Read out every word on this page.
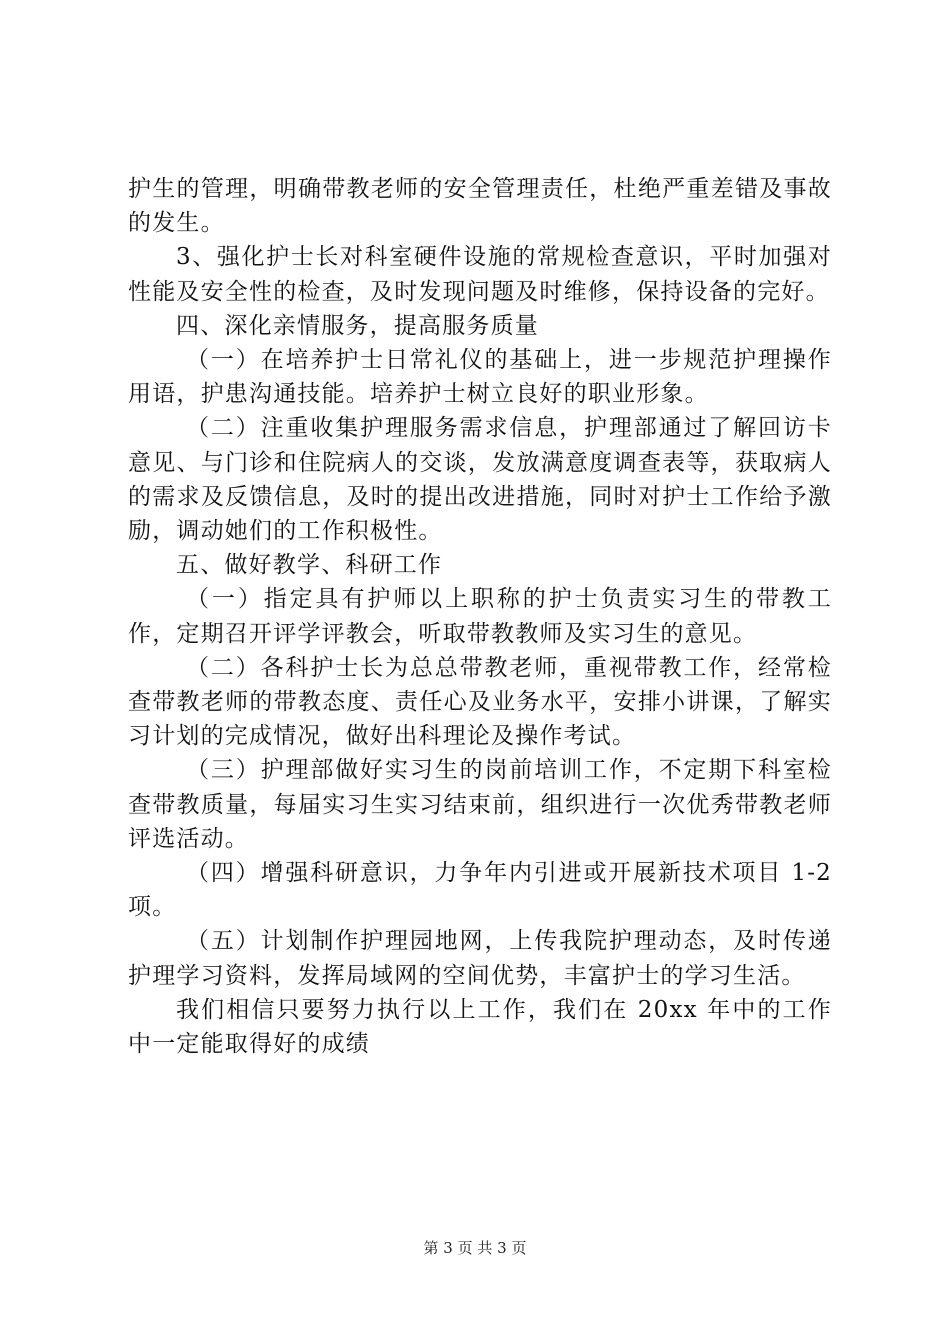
护生的管理，明确带教老师的安全管理责任，杜绝严重差错及事故的发生。

3、强化护士长对科室硬件设施的常规检查意识，平时加强对性能及安全性的检查，及时发现问题及时维修，保持设备的完好。

四、深化亲情服务，提高服务质量

（一）在培养护士日常礼仪的基础上，进一步规范护理操作用语，护患沟通技能。培养护士树立良好的职业形象。

（二）注重收集护理服务需求信息，护理部通过了解回访卡意见、与门诊和住院病人的交谈，发放满意度调查表等，获取病人的需求及反馈信息，及时的提出改进措施，同时对护士工作给予激励，调动她们的工作积极性。

五、做好教学、科研工作

（一）指定具有护师以上职称的护士负责实习生的带教工作，定期召开评学评教会，听取带教教师及实习生的意见。

（二）各科护士长为总总带教老师，重视带教工作，经常检查带教老师的带教态度、责任心及业务水平，安排小讲课，了解实习计划的完成情况，做好出科理论及操作考试。

（三）护理部做好实习生的岗前培训工作，不定期下科室检查带教质量，每届实习生实习结束前，组织进行一次优秀带教老师评选活动。

（四）增强科研意识，力争年内引进或开展新技术项目 1-2 项。

（五）计划制作护理园地网，上传我院护理动态，及时传递护理学习资料，发挥局域网的空间优势，丰富护士的学习生活。

我们相信只要努力执行以上工作，我们在 20xx 年中的工作中一定能取得好的成绩

第 3 页 共 3 页
